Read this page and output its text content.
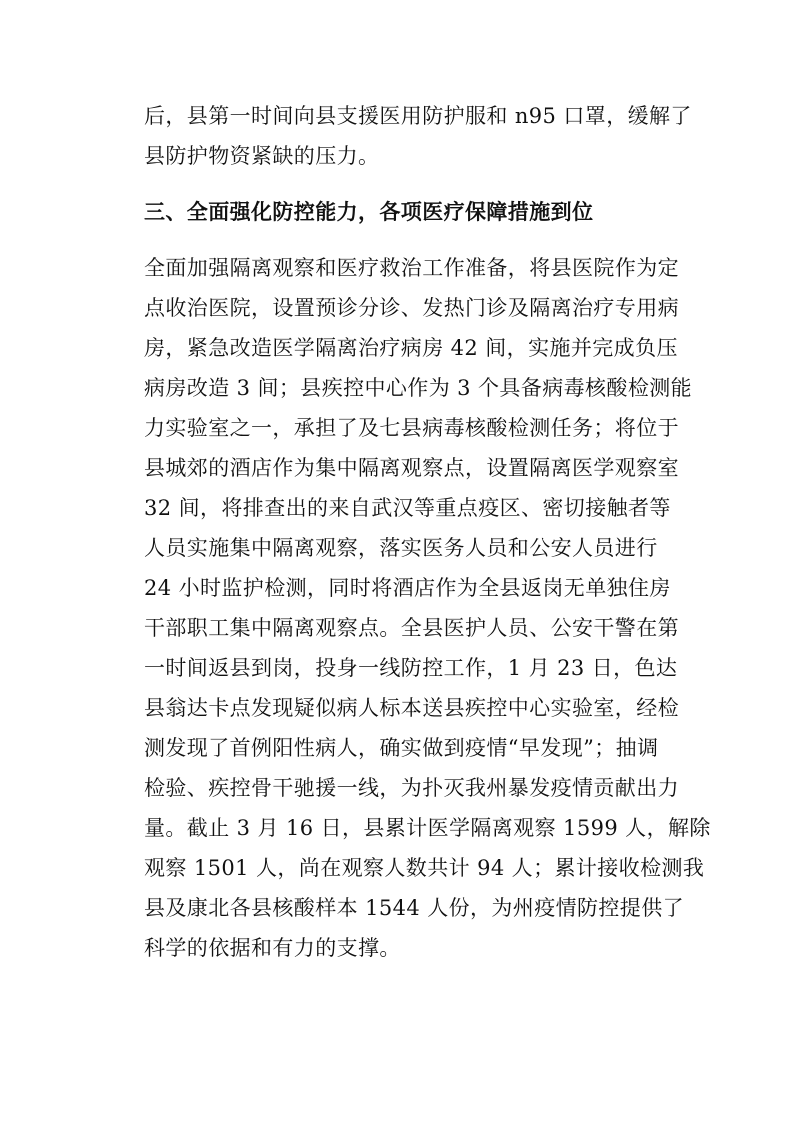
后，县第一时间向县支援医用防护服和 n95 口罩，缓解了
县防护物资紧缺的压力。
三、全面强化防控能力，各项医疗保障措施到位
全面加强隔离观察和医疗救治工作准备，将县医院作为定
点收治医院，设置预诊分诊、发热门诊及隔离治疗专用病
房，紧急改造医学隔离治疗病房 42 间，实施并完成负压
病房改造 3 间；县疾控中心作为 3 个具备病毒核酸检测能
力实验室之一，承担了及七县病毒核酸检测任务；将位于
县城郊的酒店作为集中隔离观察点，设置隔离医学观察室
32 间，将排查出的来自武汉等重点疫区、密切接触者等
人员实施集中隔离观察，落实医务人员和公安人员进行
24 小时监护检测，同时将酒店作为全县返岗无单独住房
干部职工集中隔离观察点。全县医护人员、公安干警在第
一时间返县到岗，投身一线防控工作，1 月 23 日，色达
县翁达卡点发现疑似病人标本送县疾控中心实验室，经检
测发现了首例阳性病人，确实做到疫情“早发现”；抽调
检验、疾控骨干驰援一线，为扑灭我州暴发疫情贡献出力
量。截止 3 月 16 日，县累计医学隔离观察 1599 人，解除
观察 1501 人，尚在观察人数共计 94 人；累计接收检测我
县及康北各县核酸样本 1544 人份，为州疫情防控提供了
科学的依据和有力的支撑。
